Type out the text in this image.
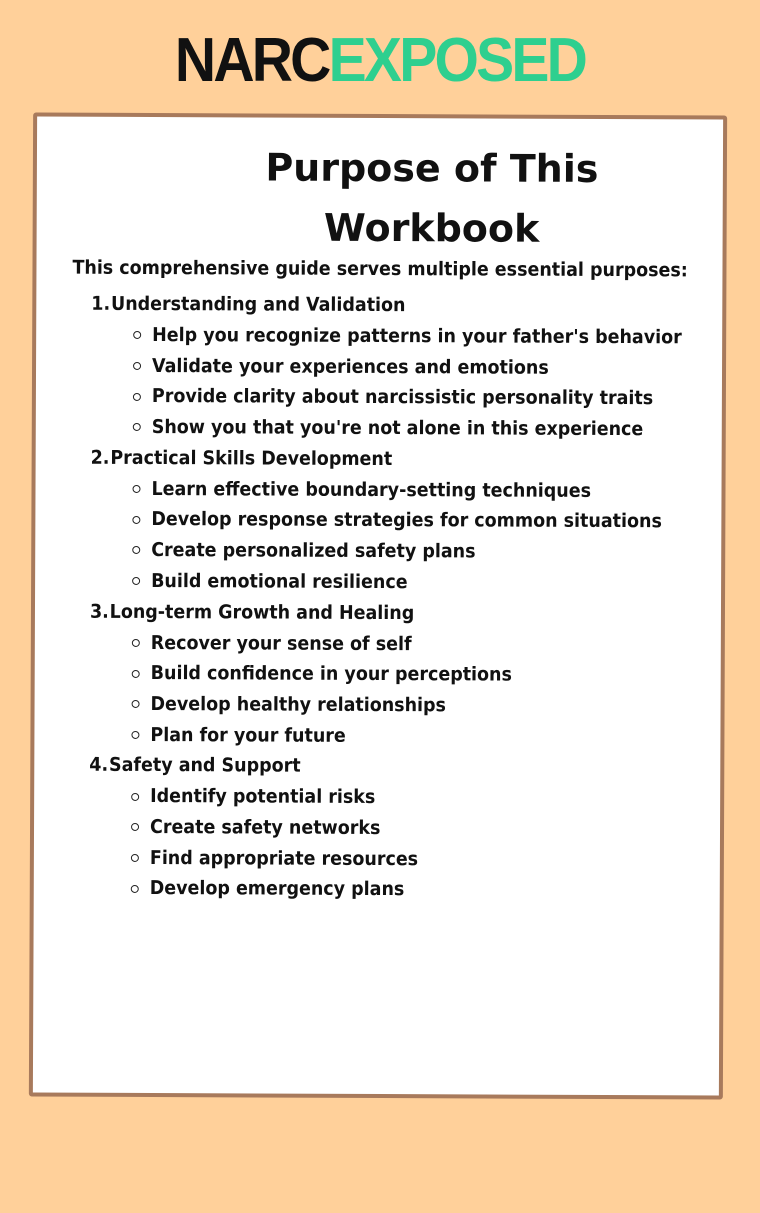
NARCEXPOSED
Purpose of This
Workbook
This comprehensive guide serves multiple essential purposes:
1.Understanding and Validation
Help you recognize patterns in your father's behavior
Validate your experiences and emotions
Provide clarity about narcissistic personality traits
Show you that you're not alone in this experience
2.Practical Skills Development
Learn effective boundary-setting techniques
Develop response strategies for common situations
Create personalized safety plans
Build emotional resilience
3.Long-term Growth and Healing
Recover your sense of self
Build confidence in your perceptions
Develop healthy relationships
Plan for your future
4.Safety and Support
Identify potential risks
Create safety networks
Find appropriate resources
Develop emergency plans
